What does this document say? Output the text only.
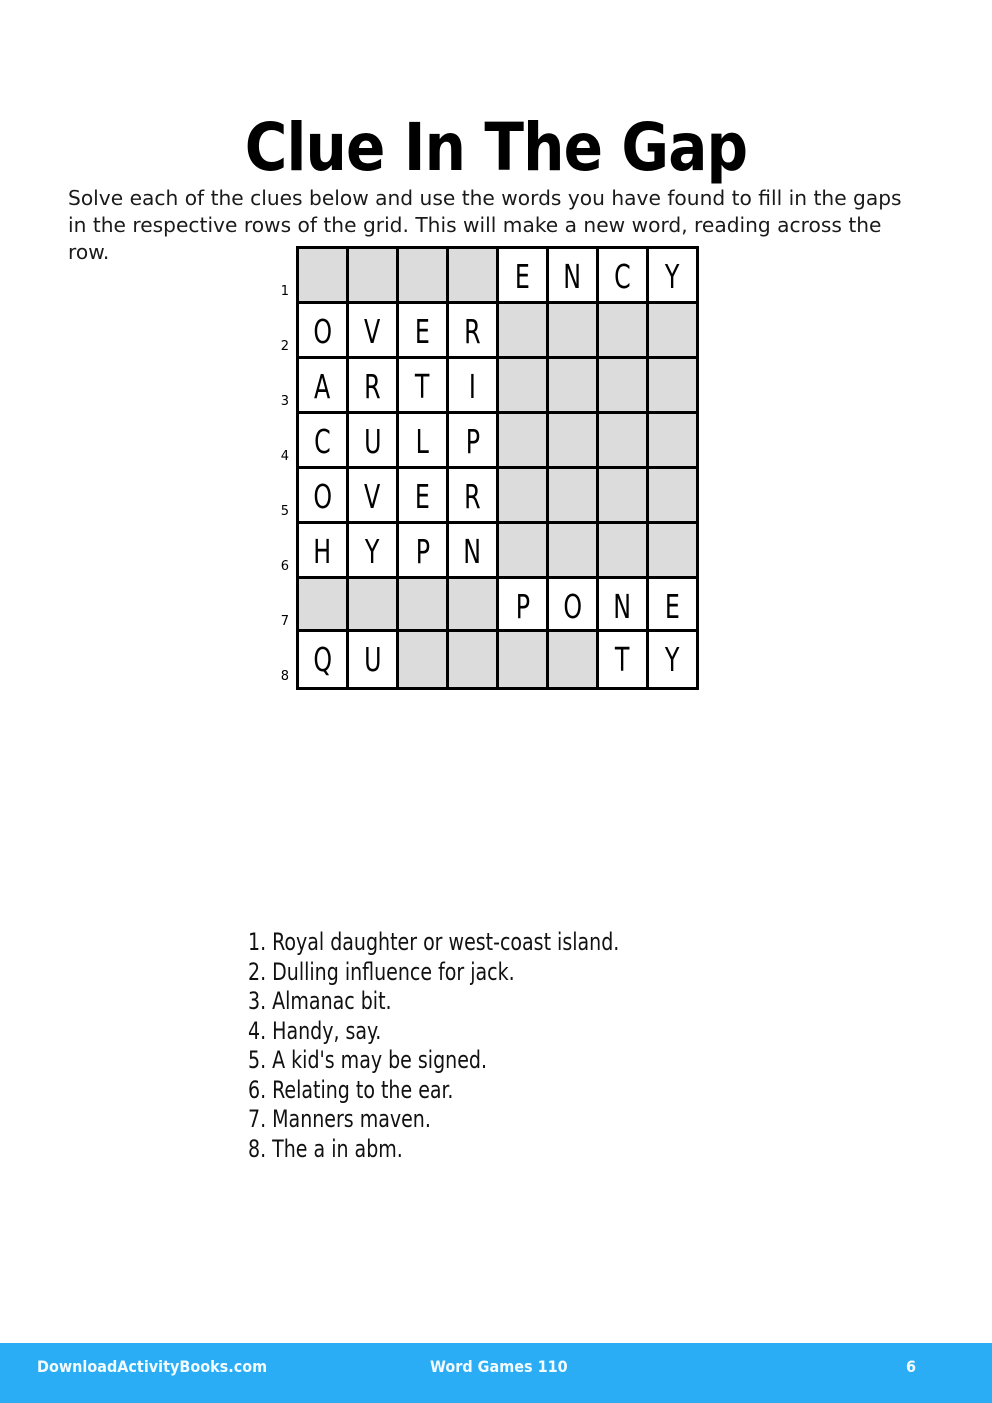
Clue In The Gap

Solve each of the clues below and use the words you have found to fill in the gaps in the respective rows of the grid. This will make a new word, reading across the row.

1	E N C Y
2 O V E R
3 A R T I
4 C U L P
5 O V E R
6 H Y P N
7	P O N E
8 Q U	T Y
1. Royal daughter or west-coast island.
2. Dulling influence for jack.
3. Almanac bit.
4. Handy, say.
5. A kid's may be signed.
6. Relating to the ear.
7. Manners maven.
8. The a in abm.
DownloadActivityBooks.com	Word Games 110	6
